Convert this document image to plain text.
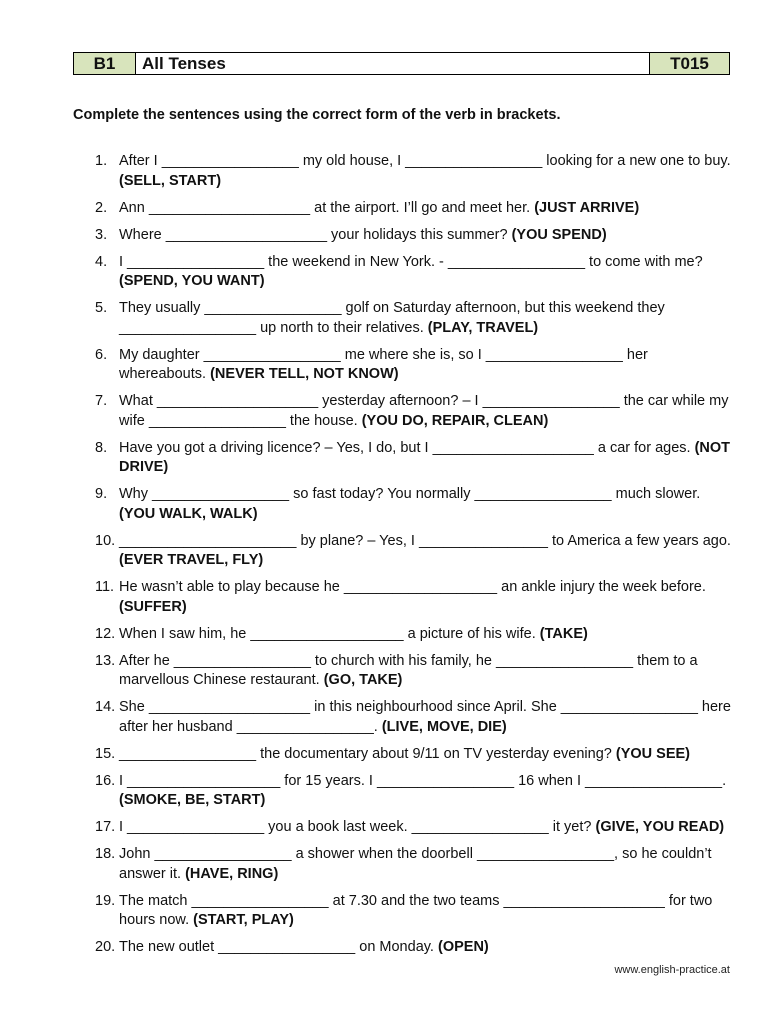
B1	All Tenses	T015
Complete the sentences using the correct form of the verb in brackets.
1. After I _________________ my old house, I _________________ looking for a new one to buy. (SELL, START)
2. Ann ____________________ at the airport. I’ll go and meet her. (JUST ARRIVE)
3. Where ____________________ your holidays this summer? (YOU SPEND)
4. I _________________ the weekend in New York. - _________________ to come with me? (SPEND, YOU WANT)
5. They usually _________________ golf on Saturday afternoon, but this weekend they _________________ up north to their relatives. (PLAY, TRAVEL)
6. My daughter _________________ me where she is, so I _________________ her whereabouts. (NEVER TELL, NOT KNOW)
7. What ____________________ yesterday afternoon? – I _________________ the car while my wife _________________ the house. (YOU DO, REPAIR, CLEAN)
8. Have you got a driving licence? – Yes, I do, but I ____________________ a car for ages. (NOT DRIVE)
9. Why _________________ so fast today? You normally _________________ much slower. (YOU WALK, WALK)
10. ______________________ by plane? – Yes, I ________________ to America a few years ago. (EVER TRAVEL, FLY)
11. He wasn’t able to play because he ___________________ an ankle injury the week before. (SUFFER)
12. When I saw him, he ___________________ a picture of his wife. (TAKE)
13. After he _________________ to church with his family, he _________________ them to a marvellous Chinese restaurant. (GO, TAKE)
14. She ____________________ in this neighbourhood since April. She _________________ here after her husband _________________. (LIVE, MOVE, DIE)
15. _________________ the documentary about 9/11 on TV yesterday evening? (YOU SEE)
16. I ___________________ for 15 years. I _________________ 16 when I _________________. (SMOKE, BE, START)
17. I _________________ you a book last week. _________________ it yet? (GIVE, YOU READ)
18. John _________________ a shower when the doorbell _________________, so he couldn’t answer it. (HAVE, RING)
19. The match _________________ at 7.30 and the two teams ____________________ for two hours now. (START, PLAY)
20. The new outlet _________________ on Monday. (OPEN)
www.english-practice.at
